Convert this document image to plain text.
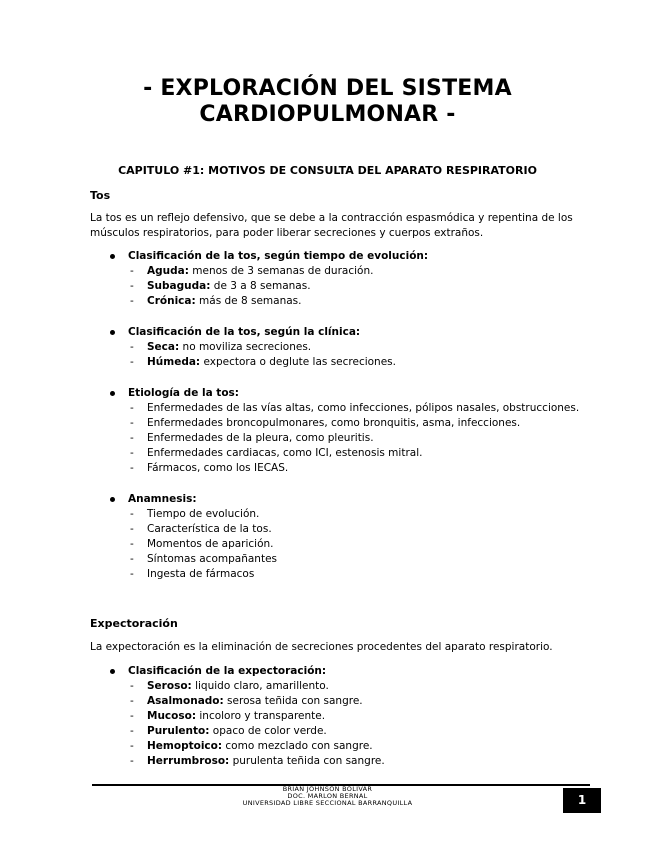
- EXPLORACIÓN DEL SISTEMA
CARDIOPULMONAR -
CAPITULO #1: MOTIVOS DE CONSULTA DEL APARATO RESPIRATORIO
Tos
La tos es un reflejo defensivo, que se debe a la contracción espasmódica y repentina de los
músculos respiratorios, para poder liberar secreciones y cuerpos extraños.
Clasificación de la tos, según tiempo de evolución:
- Aguda: menos de 3 semanas de duración.
- Subaguda: de 3 a 8 semanas.
- Crónica: más de 8 semanas.
Clasificación de la tos, según la clínica:
- Seca: no moviliza secreciones.
- Húmeda: expectora o deglute las secreciones.
Etiología de la tos:
- Enfermedades de las vías altas, como infecciones, pólipos nasales, obstrucciones.
- Enfermedades broncopulmonares, como bronquitis, asma, infecciones.
- Enfermedades de la pleura, como pleuritis.
- Enfermedades cardiacas, como ICI, estenosis mitral.
- Fármacos, como los IECAS.
Anamnesis:
- Tiempo de evolución.
- Característica de la tos.
- Momentos de aparición.
- Síntomas acompañantes
- Ingesta de fármacos
Expectoración
La expectoración es la eliminación de secreciones procedentes del aparato respiratorio.
Clasificación de la expectoración:
- Seroso: liquido claro, amarillento.
- Asalmonado: serosa teñida con sangre.
- Mucoso: incoloro y transparente.
- Purulento: opaco de color verde.
- Hemoptoico: como mezclado con sangre.
- Herrumbroso: purulenta teñida con sangre.
BRIAN JOHNSON BOLIVAR
DOC. MARLON BERNAL
UNIVERSIDAD LIBRE SECCIONAL BARRANQUILLA	1
